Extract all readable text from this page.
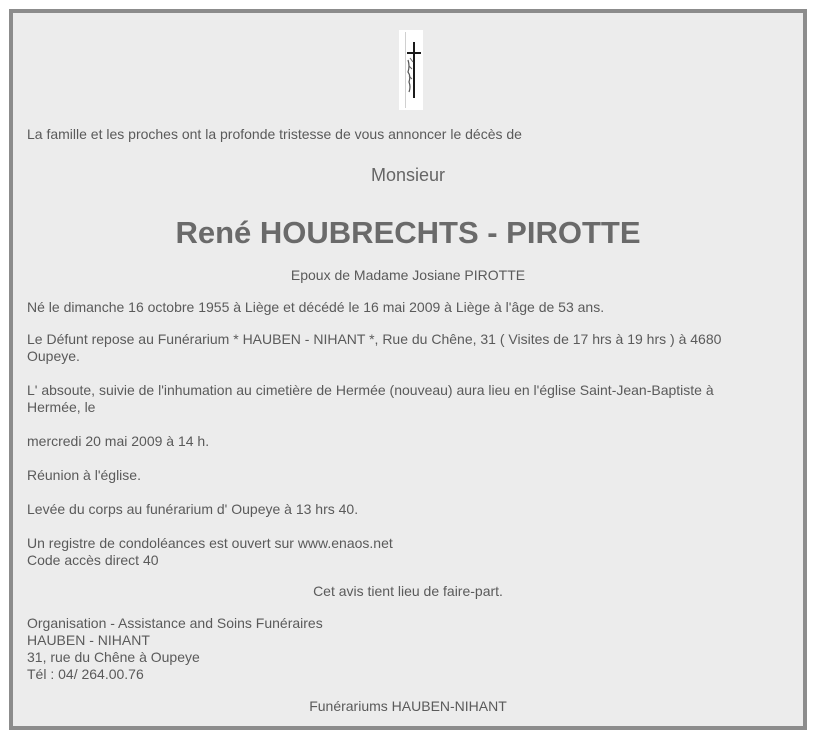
La famille et les proches ont la profonde tristesse de vous annoncer le décès de

Monsieur

René HOUBRECHTS - PIROTTE

Epoux de Madame Josiane PIROTTE

Né le dimanche 16 octobre 1955 à Liège et décédé le 16 mai 2009 à Liège à l'âge de 53 ans.

Le Défunt repose au Funérarium * HAUBEN - NIHANT *, Rue du Chêne, 31 ( Visites de 17 hrs à 19 hrs ) à 4680
Oupeye.
L' absoute, suivie de l'inhumation au cimetière de Hermée (nouveau) aura lieu en l'église Saint-Jean-Baptiste à
Hermée, le

mercredi 20 mai 2009 à 14 h.

Réunion à l'église.

Levée du corps au funérarium d' Oupeye à 13 hrs 40.

Un registre de condoléances est ouvert sur www.enaos.net
Code accès direct 40

Cet avis tient lieu de faire-part.

Organisation - Assistance and Soins Funéraires
HAUBEN - NIHANT
31, rue du Chêne à Oupeye
Tél : 04/ 264.00.76

Funérariums HAUBEN-NIHANT
